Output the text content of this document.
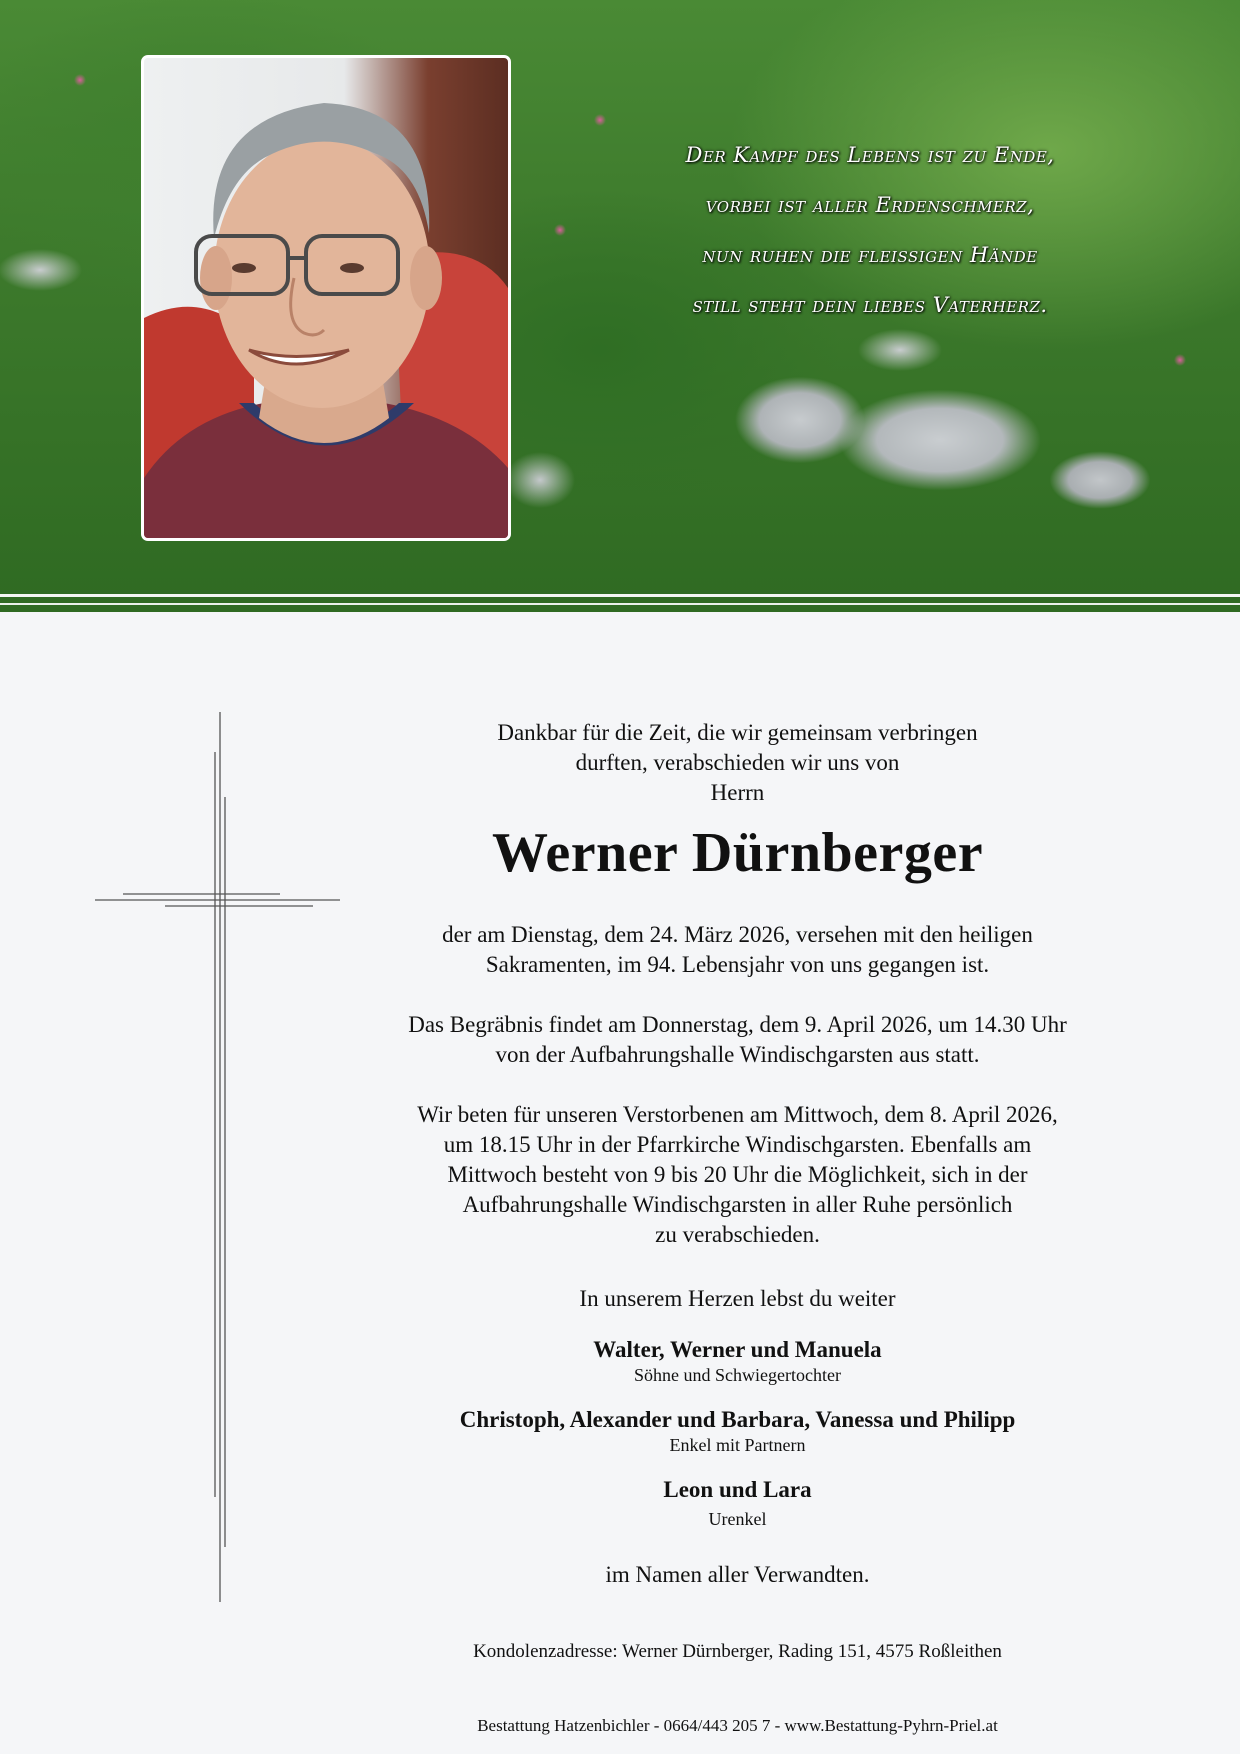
Der Kampf des Lebens ist zu Ende,
vorbei ist aller Erdenschmerz,
nun ruhen die fleissigen Hände
still steht dein liebes Vaterherz.

Dankbar für die Zeit, die wir gemeinsam verbringen

durften, verabschieden wir uns von

Herrn

Werner Dürnberger

der am Dienstag, dem 24. März 2026, versehen mit den heiligen

Sakramenten, im 94. Lebensjahr von uns gegangen ist.

Das Begräbnis findet am Donnerstag, dem 9. April 2026, um 14.30 Uhr

von der Aufbahrungshalle Windischgarsten aus statt.

Wir beten für unseren Verstorbenen am Mittwoch, dem 8. April 2026,

um 18.15 Uhr in der Pfarrkirche Windischgarsten. Ebenfalls am

Mittwoch besteht von 9 bis 20 Uhr die Möglichkeit, sich in der

Aufbahrungshalle Windischgarsten in aller Ruhe persönlich

zu verabschieden.

In unserem Herzen lebst du weiter

Walter, Werner und Manuela
Söhne und Schwiegertochter
Christoph, Alexander und Barbara, Vanessa und Philipp
Enkel mit Partnern
Leon und Lara
Urenkel

im Namen aller Verwandten.

Kondolenzadresse: Werner Dürnberger, Rading 151, 4575 Roßleithen
Bestattung Hatzenbichler - 0664/443 205 7 - www.Bestattung-Pyhrn-Priel.at
